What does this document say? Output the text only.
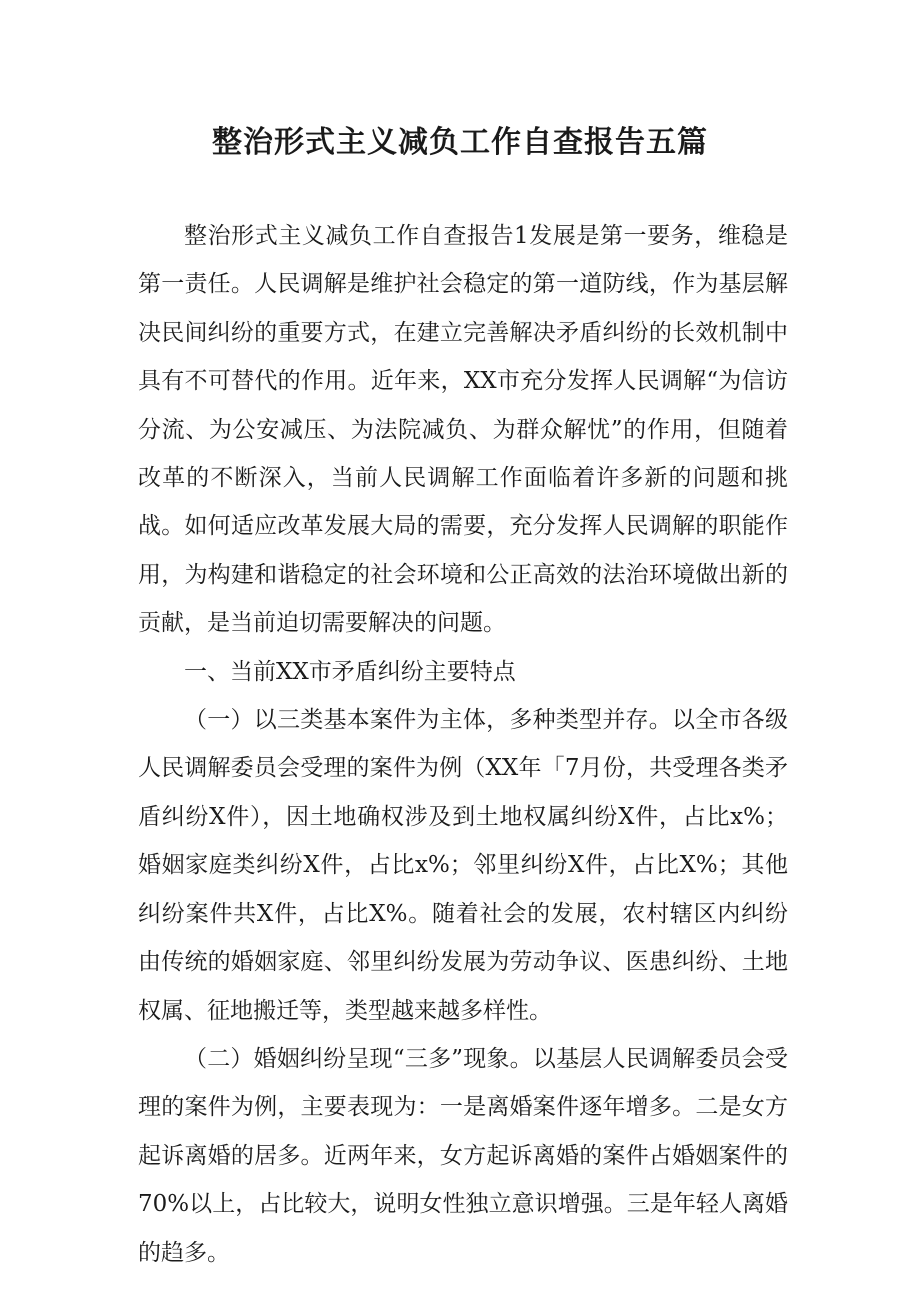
整治形式主义减负工作自查报告五篇

整治形式主义减负工作自查报告1发展是第一要务，维稳是第一责任。人民调解是维护社会稳定的第一道防线，作为基层解决民间纠纷的重要方式，在建立完善解决矛盾纠纷的长效机制中具有不可替代的作用。近年来，XX市充分发挥人民调解“为信访分流、为公安减压、为法院减负、为群众解忧”的作用，但随着改革的不断深入，当前人民调解工作面临着许多新的问题和挑战。如何适应改革发展大局的需要，充分发挥人民调解的职能作用，为构建和谐稳定的社会环境和公正高效的法治环境做出新的贡献，是当前迫切需要解决的问题。

一、当前XX市矛盾纠纷主要特点

（一）以三类基本案件为主体，多种类型并存。以全市各级人民调解委员会受理的案件为例（XX年「7月份，共受理各类矛盾纠纷X件），因土地确权涉及到土地权属纠纷X件，占比x%；婚姻家庭类纠纷X件，占比x%；邻里纠纷X件，占比X%；其他纠纷案件共X件，占比X%。随着社会的发展，农村辖区内纠纷由传统的婚姻家庭、邻里纠纷发展为劳动争议、医患纠纷、土地权属、征地搬迁等，类型越来越多样性。

（二）婚姻纠纷呈现“三多”现象。以基层人民调解委员会受理的案件为例，主要表现为：一是离婚案件逐年增多。二是女方起诉离婚的居多。近两年来，女方起诉离婚的案件占婚姻案件的70%以上，占比较大，说明女性独立意识增强。三是年轻人离婚的趋多。
